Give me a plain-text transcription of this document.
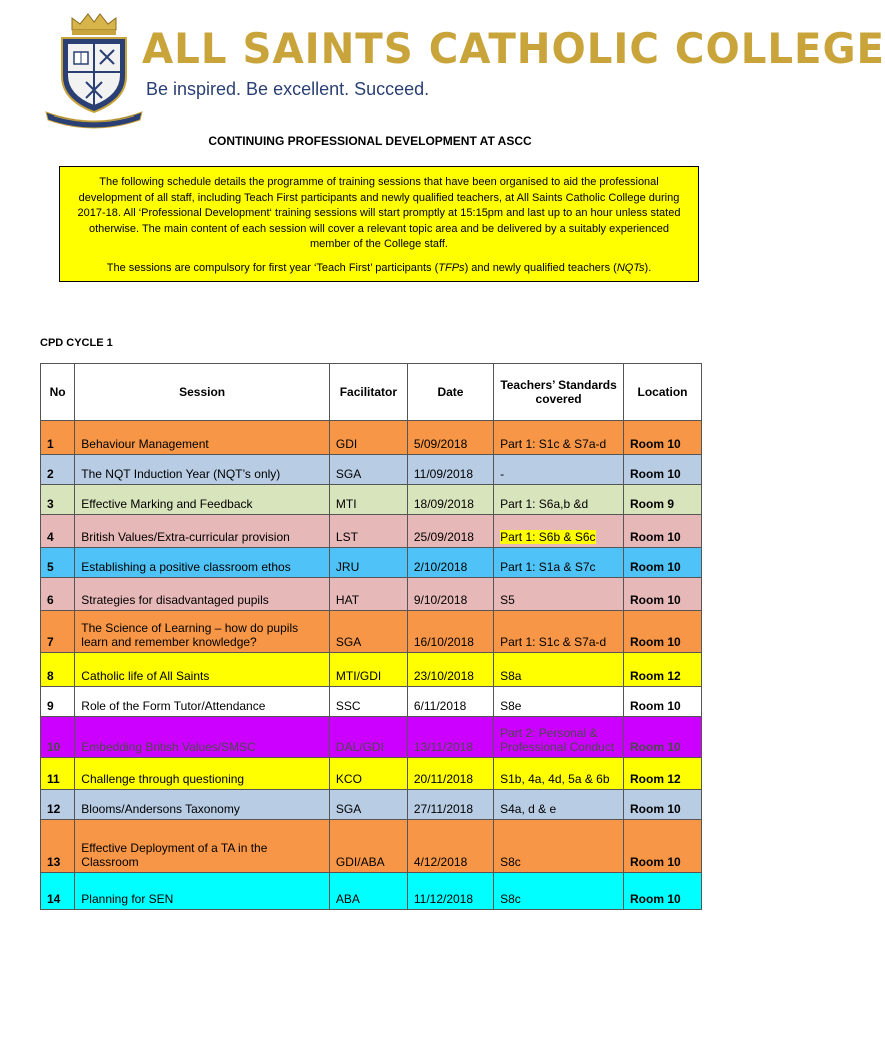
ALL SAINTS CATHOLIC COLLEGE
Be inspired. Be excellent. Succeed.
CONTINUING PROFESSIONAL DEVELOPMENT AT ASCC

The following schedule details the programme of training sessions that have been organised to aid the professional development of all staff, including Teach First participants and newly qualified teachers, at All Saints Catholic College during 2017-18. All ‘Professional Development‘ training sessions will start promptly at 15:15pm and last up to an hour unless stated otherwise. The main content of each session will cover a relevant topic area and be delivered by a suitably experienced member of the College staff.

The sessions are compulsory for first year ‘Teach First’ participants (TFPs) and newly qualified teachers (NQTs).

CPD CYCLE 1
No	Session	Facilitator	Date	Teachers’ Standards covered	Location
1	Behaviour Management	GDI	5/09/2018	Part 1: S1c & S7a-d	Room 10
2	The NQT Induction Year (NQT’s only)	SGA	11/09/2018	-	Room 10
3	Effective Marking and Feedback	MTI	18/09/2018	Part 1: S6a,b &d	Room 9
4	British Values/Extra-curricular provision	LST	25/09/2018	Part 1: S6b & S6c	Room 10
5	Establishing a positive classroom ethos	JRU	2/10/2018	Part 1: S1a & S7c	Room 10
6	Strategies for disadvantaged pupils	HAT	9/10/2018	S5	Room 10
7	The Science of Learning – how do pupils learn and remember knowledge?	SGA	16/10/2018	Part 1: S1c & S7a-d	Room 10
8	Catholic life of All Saints	MTI/GDI	23/10/2018	S8a	Room 12
9	Role of the Form Tutor/Attendance	SSC	6/11/2018	S8e	Room 10
10	Embedding British Values/SMSC	DAL/GDI	13/11/2018	Part 2: Personal & Professional Conduct	Room 10
11	Challenge through questioning	KCO	20/11/2018	S1b, 4a, 4d, 5a & 6b	Room 12
12	Blooms/Andersons Taxonomy	SGA	27/11/2018	S4a, d & e	Room 10
13	Effective Deployment of a TA in the Classroom	GDI/ABA	4/12/2018	S8c	Room 10
14	Planning for SEN	ABA	11/12/2018	S8c	Room 10
